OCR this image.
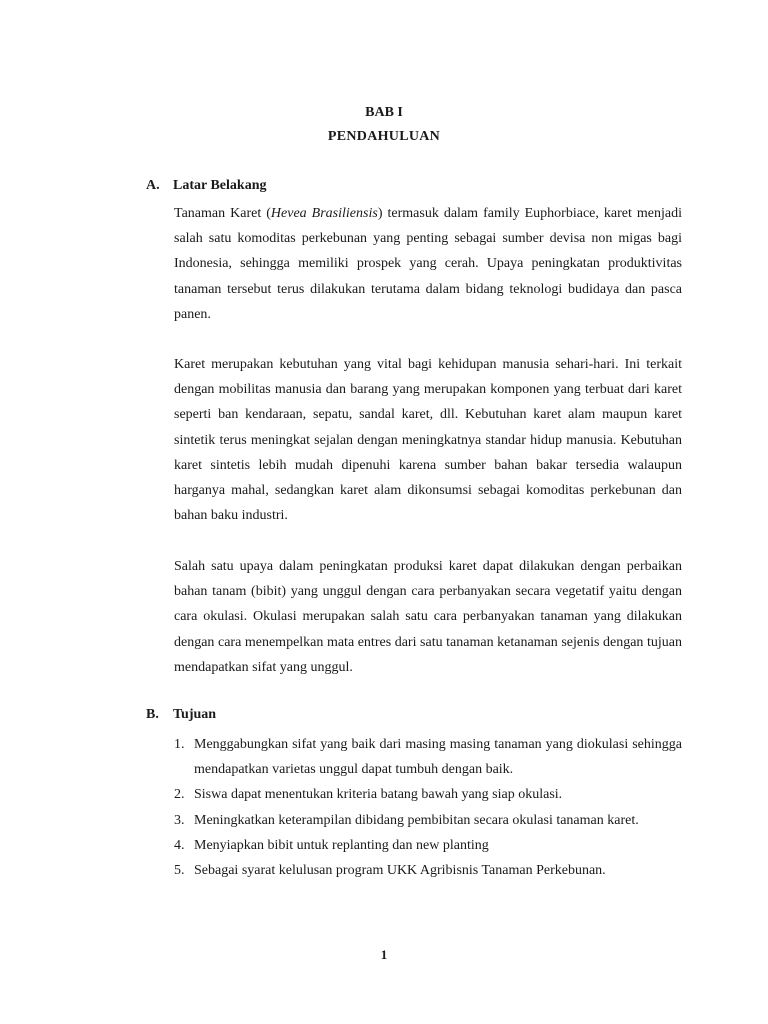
BAB I
PENDAHULUAN
A. Latar Belakang

Tanaman Karet (Hevea Brasiliensis) termasuk dalam family Euphorbiace, karet menjadi salah satu komoditas perkebunan yang penting sebagai sumber devisa non migas bagi Indonesia, sehingga memiliki prospek yang cerah. Upaya peningkatan produktivitas tanaman tersebut terus dilakukan terutama dalam bidang teknologi budidaya dan pasca panen.

Karet merupakan kebutuhan yang vital bagi kehidupan manusia sehari-hari. Ini terkait dengan mobilitas manusia dan barang yang merupakan komponen yang terbuat dari karet seperti ban kendaraan, sepatu, sandal karet, dll. Kebutuhan karet alam maupun karet sintetik terus meningkat sejalan dengan meningkatnya standar hidup manusia. Kebutuhan karet sintetis lebih mudah dipenuhi karena sumber bahan bakar tersedia walaupun harganya mahal, sedangkan karet alam dikonsumsi sebagai komoditas perkebunan dan bahan baku industri.

Salah satu upaya dalam peningkatan produksi karet dapat dilakukan dengan perbaikan bahan tanam (bibit) yang unggul dengan cara perbanyakan secara vegetatif yaitu dengan cara okulasi. Okulasi merupakan salah satu cara perbanyakan tanaman yang dilakukan dengan cara menempelkan mata entres dari satu tanaman ketanaman sejenis dengan tujuan mendapatkan sifat yang unggul.

B. Tujuan
1. Menggabungkan sifat yang baik dari masing masing tanaman yang diokulasi sehingga mendapatkan varietas unggul dapat tumbuh dengan baik.
2. Siswa dapat menentukan kriteria batang bawah yang siap okulasi.
3. Meningkatkan keterampilan dibidang pembibitan secara okulasi tanaman karet.
4. Menyiapkan bibit untuk replanting dan new planting
5. Sebagai syarat kelulusan program UKK Agribisnis Tanaman Perkebunan.
1
